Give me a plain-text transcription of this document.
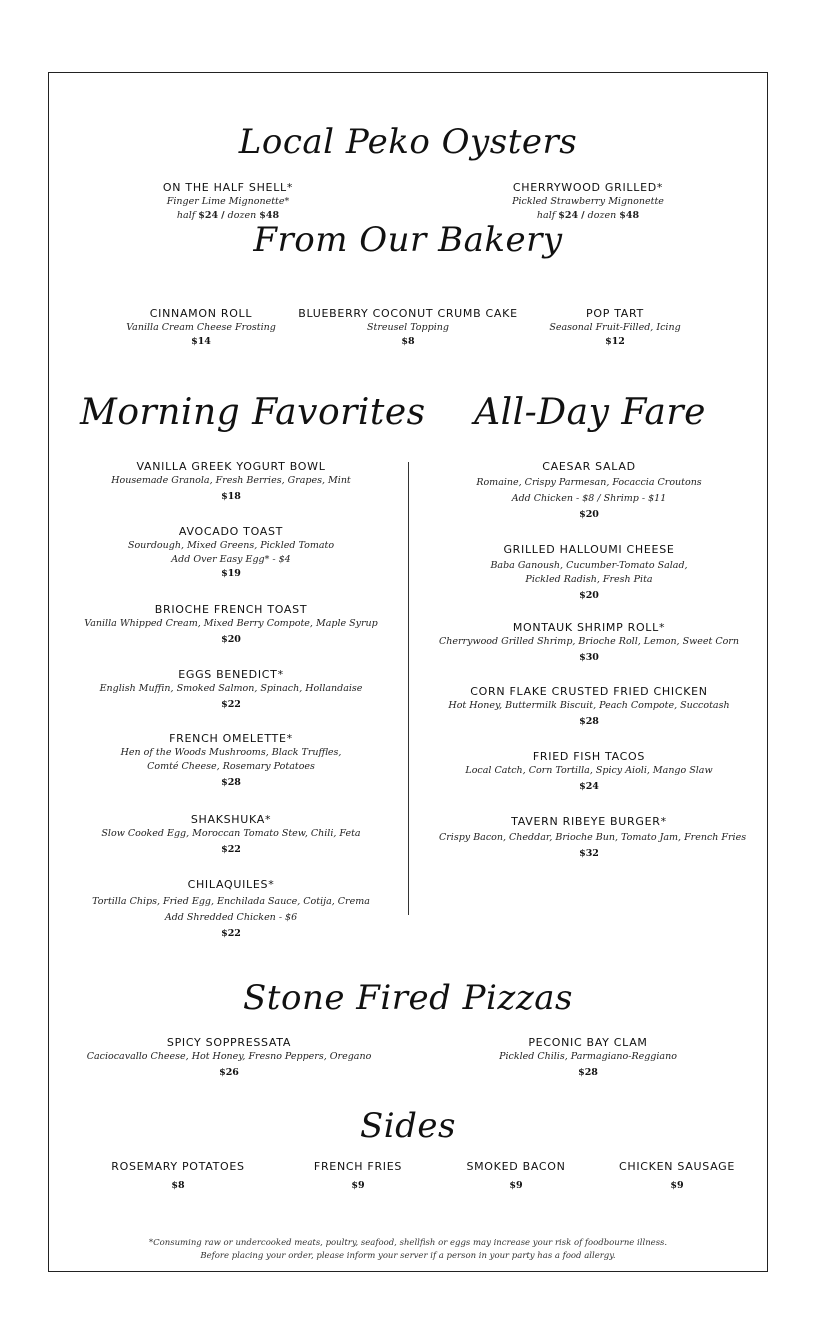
Local Peko Oysters
ON THE HALF SHELL*
Finger Lime Mignonette*
half $24 / dozen $48
CHERRYWOOD GRILLED*
Pickled Strawberry Mignonette
half $24 / dozen $48
From Our Bakery
CINNAMON ROLL
Vanilla Cream Cheese Frosting
$14
BLUEBERRY COCONUT CRUMB CAKE
Streusel Topping
$8
POP TART
Seasonal Fruit-Filled, Icing
$12
Morning Favorites	All-Day Fare
VANILLA GREEK YOGURT BOWL
Housemade Granola, Fresh Berries, Grapes, Mint
$18
AVOCADO TOAST
Sourdough, Mixed Greens, Pickled Tomato
Add Over Easy Egg* - $4
$19
BRIOCHE FRENCH TOAST
Vanilla Whipped Cream, Mixed Berry Compote, Maple Syrup
$20
EGGS BENEDICT*
English Muffin, Smoked Salmon, Spinach, Hollandaise
$22
FRENCH OMELETTE*
Hen of the Woods Mushrooms, Black Truffles,
Comté Cheese, Rosemary Potatoes
$28
SHAKSHUKA*
Slow Cooked Egg, Moroccan Tomato Stew, Chili, Feta
$22
CHILAQUILES*
Tortilla Chips, Fried Egg, Enchilada Sauce, Cotija, Crema
Add Shredded Chicken - $6
$22
CAESAR SALAD
Romaine, Crispy Parmesan, Focaccia Croutons
Add Chicken - $8 / Shrimp - $11
$20
GRILLED HALLOUMI CHEESE
Baba Ganoush, Cucumber-Tomato Salad,
Pickled Radish, Fresh Pita
$20
MONTAUK SHRIMP ROLL*
Cherrywood Grilled Shrimp, Brioche Roll, Lemon, Sweet Corn
$30
CORN FLAKE CRUSTED FRIED CHICKEN
Hot Honey, Buttermilk Biscuit, Peach Compote, Succotash
$28
FRIED FISH TACOS
Local Catch, Corn Tortilla, Spicy Aioli, Mango Slaw
$24
TAVERN RIBEYE BURGER*
Crispy Bacon, Cheddar, Brioche Bun, Tomato Jam, French Fries
$32
Stone Fired Pizzas
SPICY SOPPRESSATA
Caciocavallo Cheese, Hot Honey, Fresno Peppers, Oregano
$26
PECONIC BAY CLAM
Pickled Chilis, Parmagiano-Reggiano
$28
Sides
ROSEMARY POTATOES
$8
FRENCH FRIES
$9
SMOKED BACON
$9
CHICKEN SAUSAGE
$9
*Consuming raw or undercooked meats, poultry, seafood, shellfish or eggs may increase your risk of foodbourne illness.
Before placing your order, please inform your server if a person in your party has a food allergy.
